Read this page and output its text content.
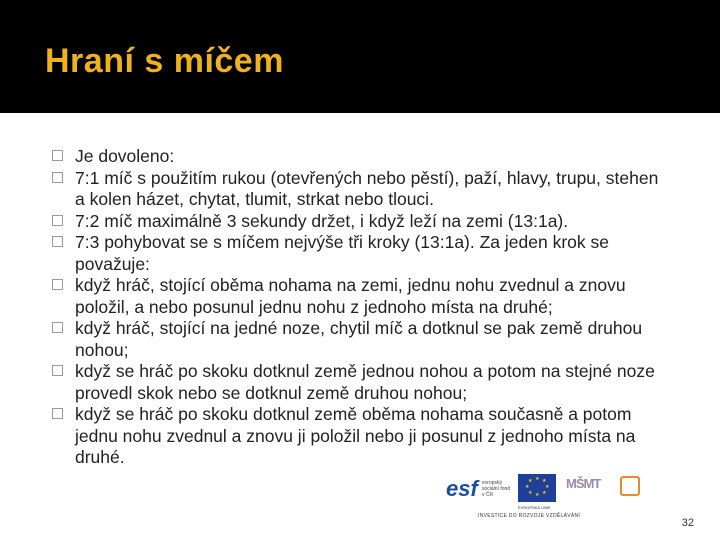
Hraní s míčem
Je dovoleno:
7:1 míč s použitím rukou (otevřených nebo pěstí), paží, hlavy, trupu, stehen a kolen házet, chytat, tlumit, strkat nebo tlouci.
7:2 míč maximálně 3 sekundy držet, i když leží na zemi (13:1a).
7:3 pohybovat se s míčem nejvýše tři kroky (13:1a). Za jeden krok se považuje:
když hráč, stojící oběma nohama na zemi, jednu nohu zvednul a znovu položil, a nebo posunul jednu nohu z jednoho místa na druhé;
když hráč, stojící na jedné noze, chytil míč a dotknul se pak země druhou nohou;
když se hráč po skoku dotknul země jednou nohou a potom na stejné noze provedl skok nebo se dotknul země druhou nohou;
když se hráč po skoku dotknul země oběma nohama současně a potom jednu nohu zvednul a znovu ji položil nebo ji posunul z jednoho místa na druhé.
esf evropský sociální fond v ČR
★ ★
★
★
★
★
★
★
EVROPSKÁ UNIE
MŠMT
INVESTICE DO ROZVOJE VZDĚLÁVÁNÍ
32
